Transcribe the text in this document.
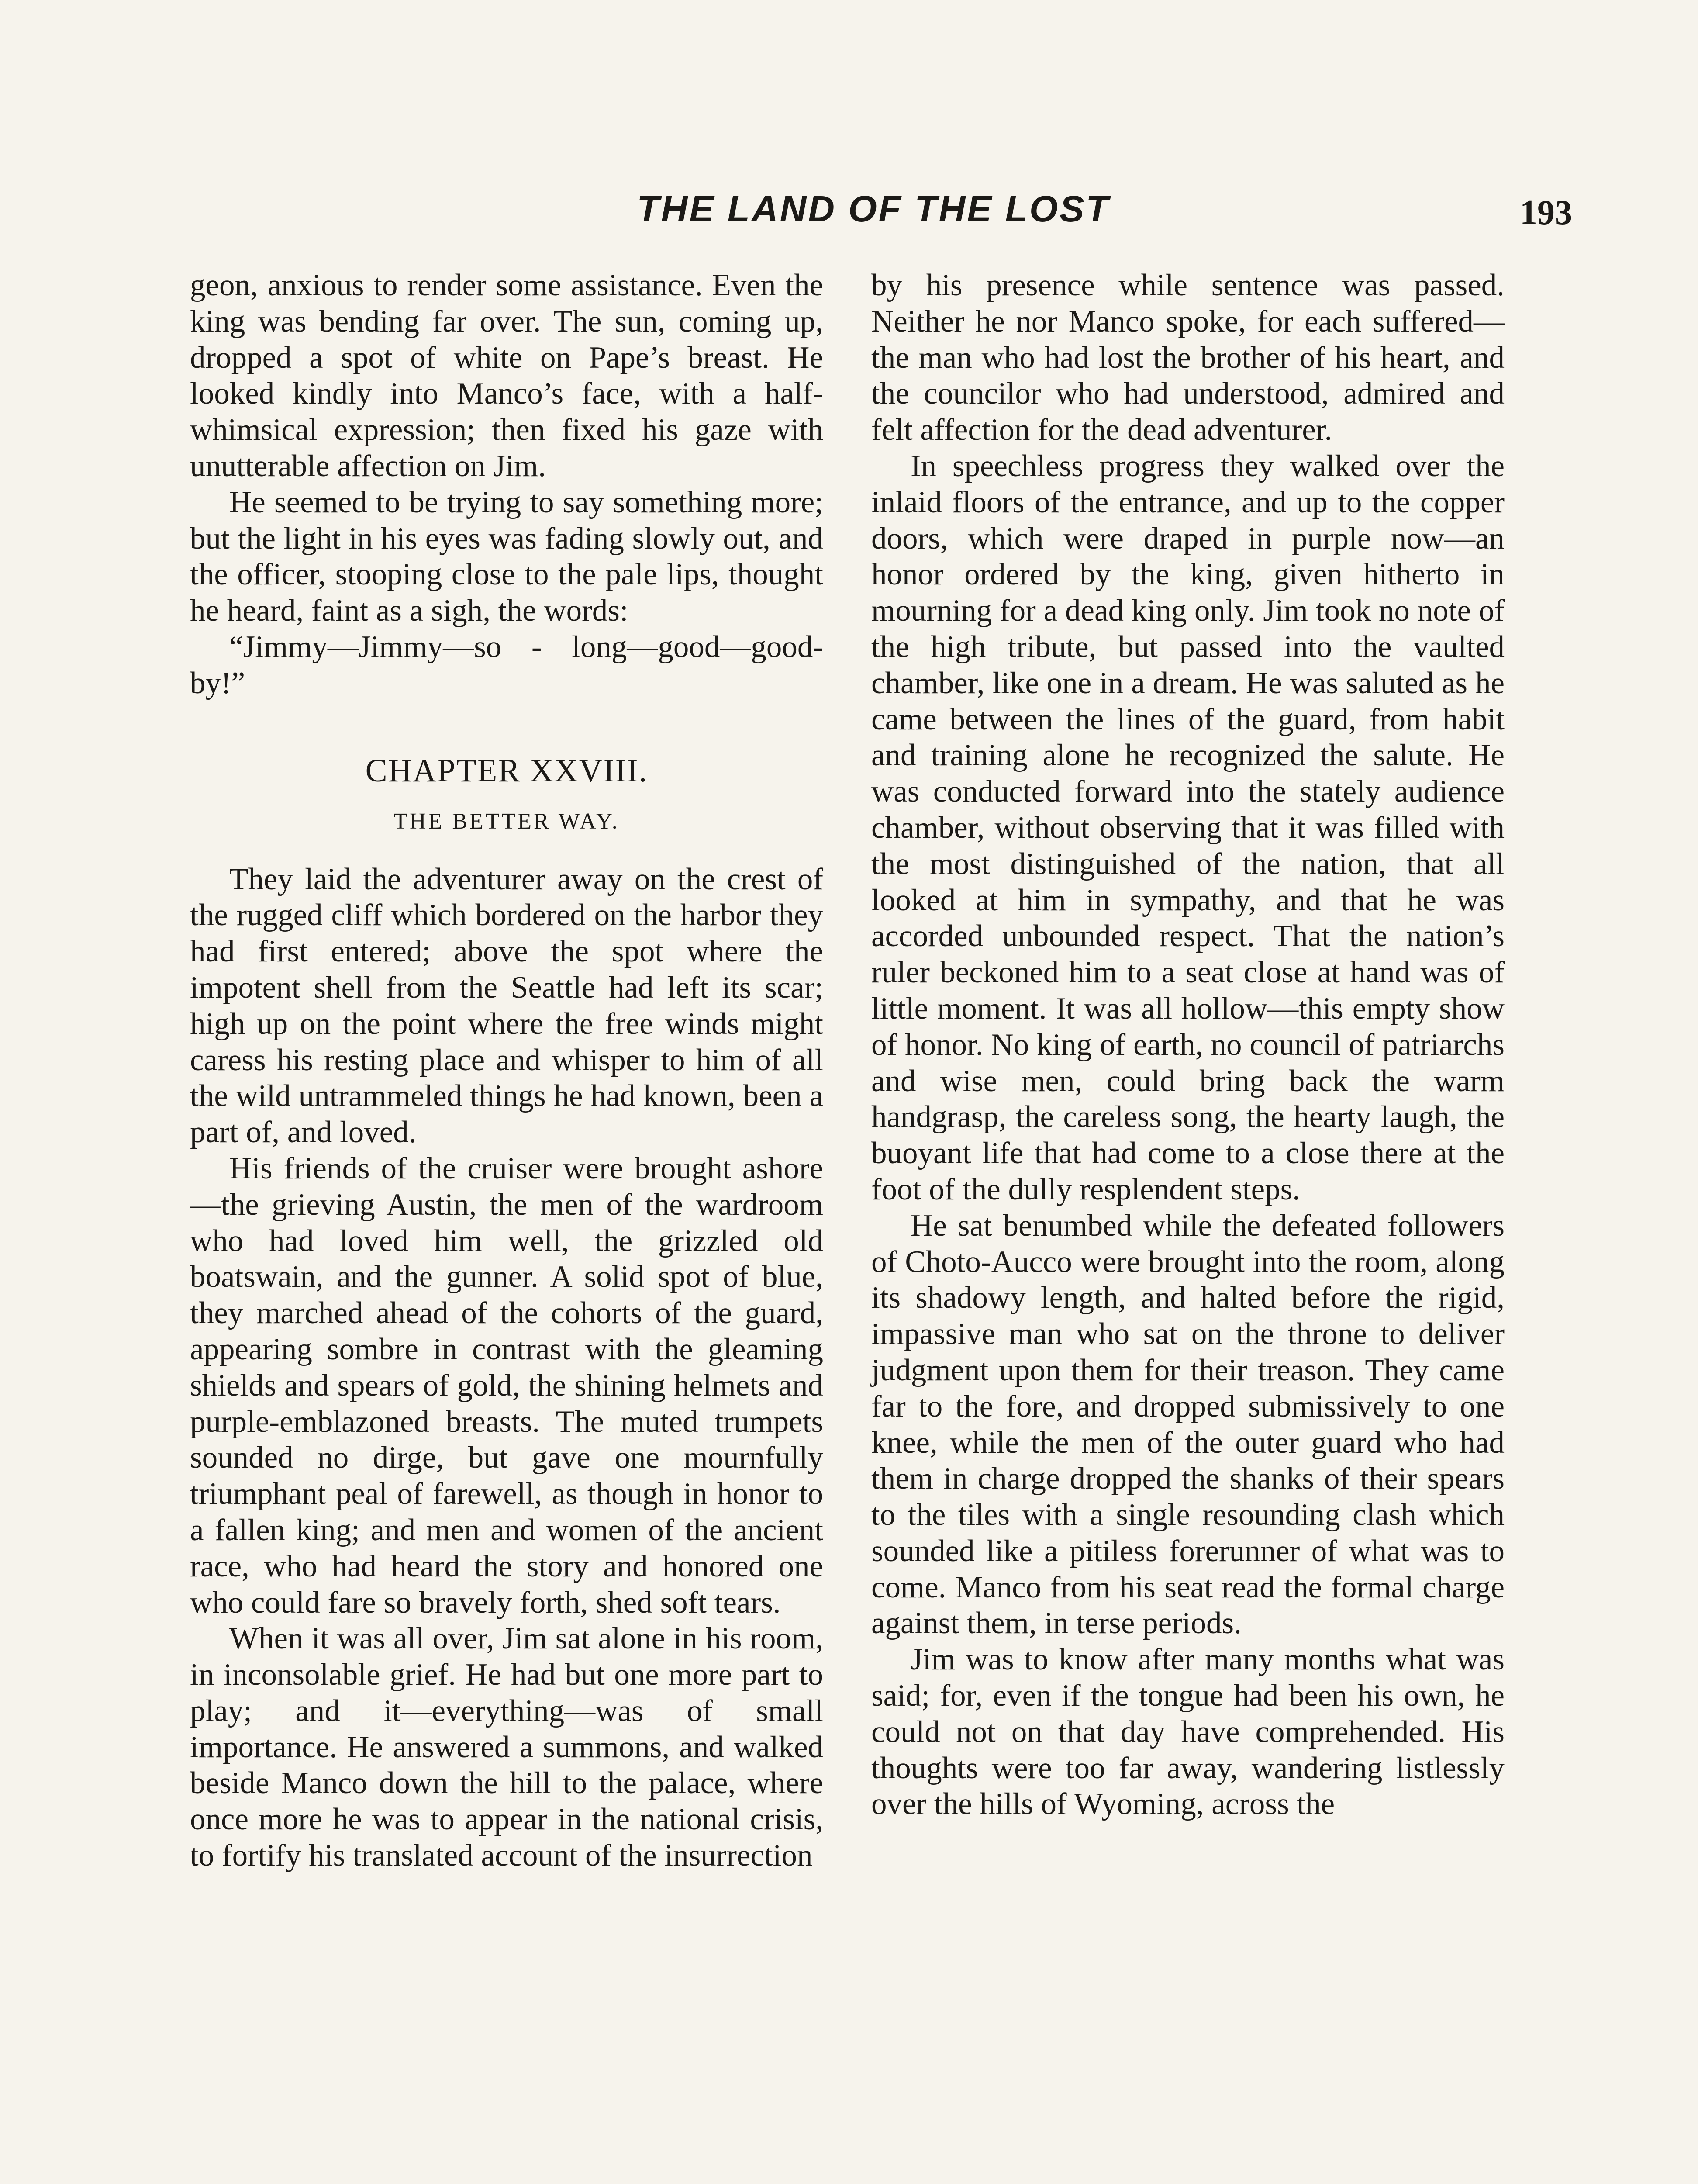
THE LAND OF THE LOST	193

geon, anxious to render some assistance. Even the king was bending far over. The sun, coming up, dropped a spot of white on Pape’s breast. He looked kindly into Manco’s face, with a half-whimsical expression; then fixed his gaze with unutterable affection on Jim.

He seemed to be trying to say something more; but the light in his eyes was fading slowly out, and the officer, stooping close to the pale lips, thought he heard, faint as a sigh, the words:

“Jimmy—Jimmy—so - long—good—good-by!”

CHAPTER XXVIII.
THE BETTER WAY.

They laid the adventurer away on the crest of the rugged cliff which bordered on the harbor they had first entered; above the spot where the impotent shell from the Seattle had left its scar; high up on the point where the free winds might caress his resting place and whisper to him of all the wild untrammeled things he had known, been a part of, and loved.

His friends of the cruiser were brought ashore—the grieving Austin, the men of the wardroom who had loved him well, the grizzled old boatswain, and the gunner. A solid spot of blue, they marched ahead of the cohorts of the guard, appearing sombre in contrast with the gleaming shields and spears of gold, the shining helmets and purple-emblazoned breasts. The muted trumpets sounded no dirge, but gave one mournfully triumphant peal of farewell, as though in honor to a fallen king; and men and women of the ancient race, who had heard the story and honored one who could fare so bravely forth, shed soft tears.

When it was all over, Jim sat alone in his room, in inconsolable grief. He had but one more part to play; and it—everything—was of small importance. He answered a summons, and walked beside Manco down the hill to the palace, where once more he was to appear in the national crisis, to fortify his translated account of the insurrection

by his presence while sentence was passed. Neither he nor Manco spoke, for each suffered—the man who had lost the brother of his heart, and the councilor who had understood, admired and felt affection for the dead adventurer.

In speechless progress they walked over the inlaid floors of the entrance, and up to the copper doors, which were draped in purple now—an honor ordered by the king, given hitherto in mourning for a dead king only. Jim took no note of the high tribute, but passed into the vaulted chamber, like one in a dream. He was saluted as he came between the lines of the guard, from habit and training alone he recognized the salute. He was conducted forward into the stately audience chamber, without observing that it was filled with the most distinguished of the nation, that all looked at him in sympathy, and that he was accorded unbounded respect. That the nation’s ruler beckoned him to a seat close at hand was of little moment. It was all hollow—this empty show of honor. No king of earth, no council of patriarchs and wise men, could bring back the warm handgrasp, the careless song, the hearty laugh, the buoyant life that had come to a close there at the foot of the dully resplendent steps.

He sat benumbed while the defeated followers of Choto-Aucco were brought into the room, along its shadowy length, and halted before the rigid, impassive man who sat on the throne to deliver judgment upon them for their treason. They came far to the fore, and dropped submissively to one knee, while the men of the outer guard who had them in charge dropped the shanks of their spears to the tiles with a single resounding clash which sounded like a pitiless forerunner of what was to come. Manco from his seat read the formal charge against them, in terse periods.

Jim was to know after many months what was said; for, even if the tongue had been his own, he could not on that day have comprehended. His thoughts were too far away, wandering listlessly over the hills of Wyoming, across the
